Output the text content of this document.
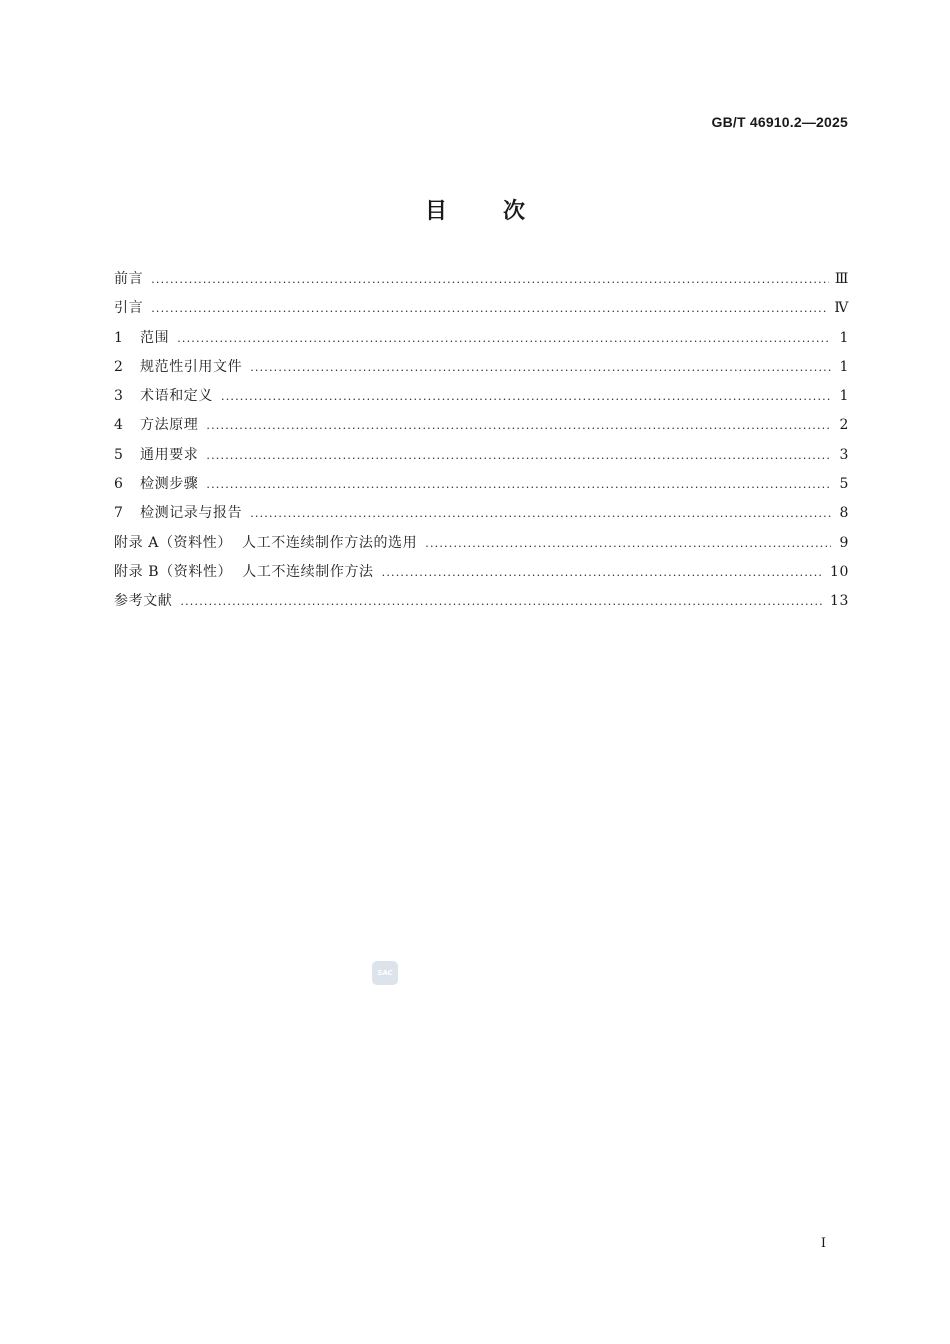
GB/T 46910.2—2025
目	次
前言 .....	Ⅲ
引言 .....	Ⅳ
1	范围 .....	1
2	规范性引用文件 .....	1
3	术语和定义 .....	1
4	方法原理 .....	2
5	通用要求 .....	3
6	检测步骤 .....	5
7	检测记录与报告 .....	8
附录 A（资料性）  人工不连续制作方法的选用 .....	9
附录 B（资料性）  人工不连续制作方法 .....	10
参考文献 .....	13
SAC
I
